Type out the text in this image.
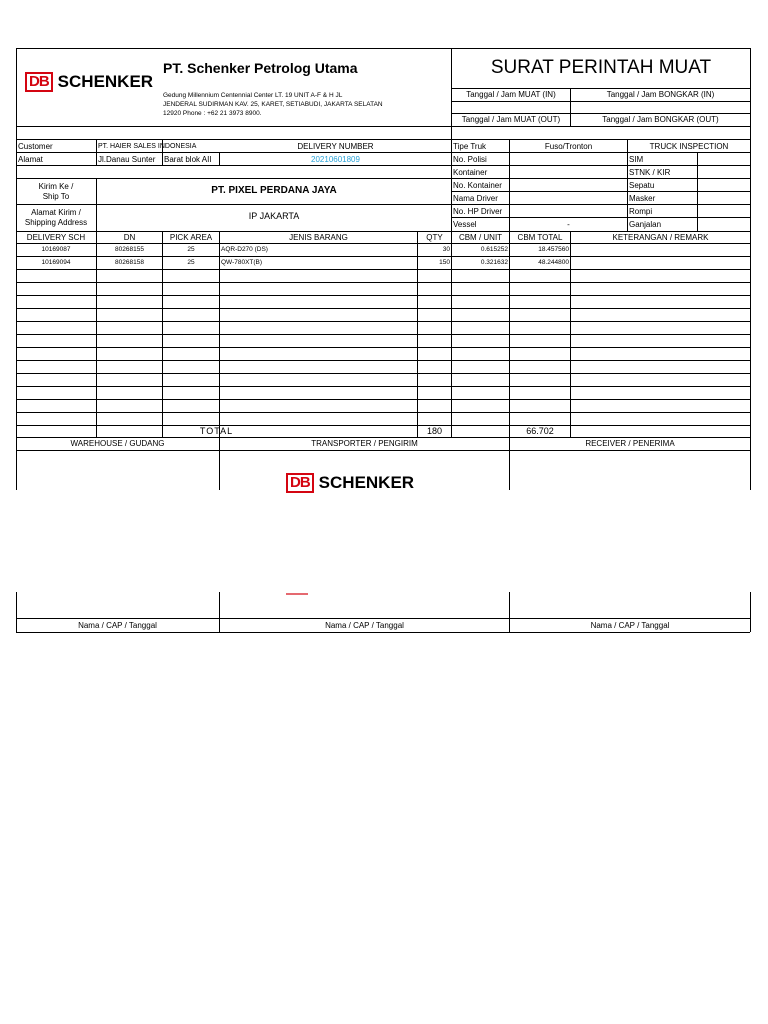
DB SCHENKER
PT. Schenker Petrolog Utama
Gedung Millennium Centennial Center LT. 19 UNIT A-F & H JL
JENDERAL SUDIRMAN KAV. 25, KARET, SETIABUDI, JAKARTA SELATAN
12920 Phone : +62 21 3973 8900.
SURAT PERINTAH MUAT
Tanggal / Jam MUAT (IN)	Tanggal / Jam BONGKAR (IN)
Tanggal / Jam MUAT (OUT)	Tanggal / Jam BONGKAR (OUT)
Customer	PT. HAIER SALES INDONESIA	DELIVERY NUMBER
Alamat	Jl.Danau Sunter Barat blok AII	20210601809
Kirim Ke /
Ship To
PT. PIXEL PERDANA JAYA
Alamat Kirim /
Shipping Address
IP JAKARTA
Tipe Truk	Fuso/Tronton
No. Polisi
Kontainer
No. Kontainer
Nama Driver
No. HP Driver
Vessel	-
TRUCK INSPECTION
SIM
STNK / KIR
Sepatu
Masker
Rompi
Ganjalan
DELIVERY SCH	DN	PICK AREA	JENIS BARANG	QTY	CBM / UNIT	CBM TOTAL	KETERANGAN / REMARK
10169087	80268155	25	AQR-D270 (DS)	30	0.615252	18.457560
10169094	80268158	25	QW-780XT(B)	150	0.321632	48.244800
TOTAL	180	66.702
WAREHOUSE / GUDANG	TRANSPORTER / PENGIRIM	RECEIVER / PENERIMA
DB SCHENKER
Nama / CAP / Tanggal	Nama / CAP / Tanggal	Nama / CAP / Tanggal
